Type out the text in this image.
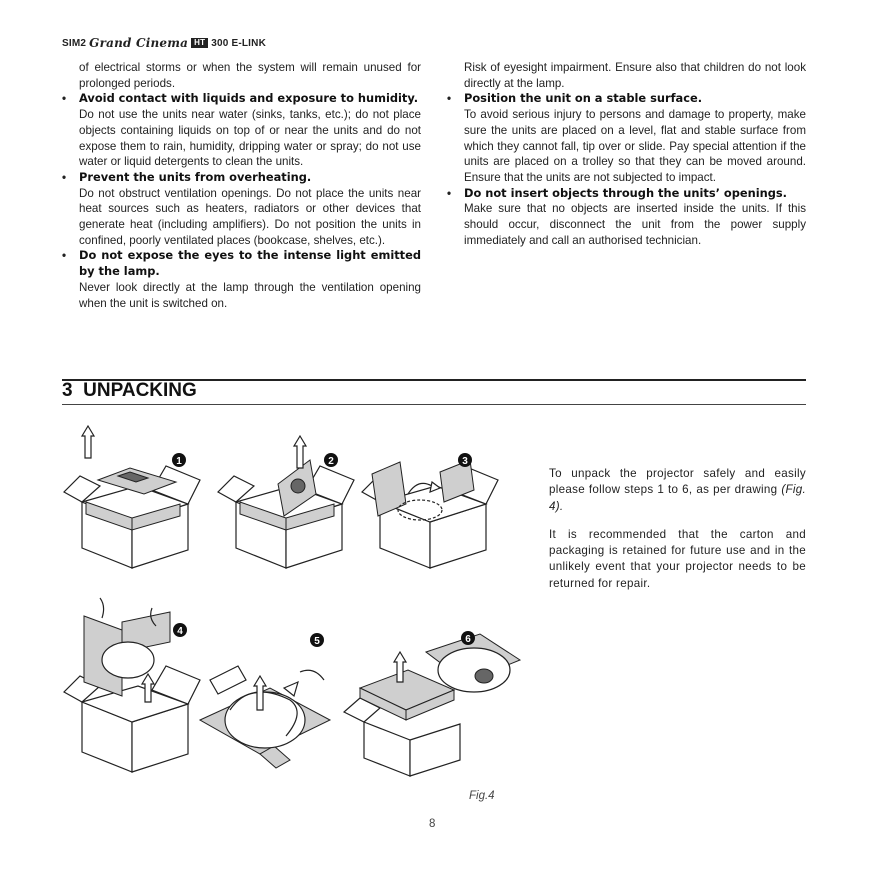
SIM2 Grand Cinema HT 300 E-LINK

of electrical storms or when the system will remain unused for prolonged periods.

• Avoid contact with liquids and exposure to humidity.

Do not use the units near water (sinks, tanks, etc.); do not place objects containing liquids on top of or near the units and do not expose them to rain, humidity, dripping water or spray; do not use water or liquid detergents to clean the units.

• Prevent the units from overheating.

Do not obstruct ventilation openings. Do not place the units near heat sources such as heaters, radiators or other devices that generate heat (including amplifiers). Do not position the units in confined, poorly ventilated places (bookcase, shelves, etc.).

• Do not expose the eyes to the intense light emitted by the lamp.

Never look directly at the lamp through the ventilation opening when the unit is switched on.

Risk of eyesight impairment. Ensure also that children do not look directly at the lamp.

• Position the unit on a stable surface.

To avoid serious injury to persons and damage to property, make sure the units are placed on a level, flat and stable surface from which they cannot fall, tip over or slide. Pay special attention if the units are placed on a trolley so that they can be moved around. Ensure that the units are not subjected to impact.

• Do not insert objects through the units’ openings.

Make sure that no objects are inserted inside the units. If this should occur, disconnect the unit from the power supply immediately and call an authorised technician.

3 UNPACKING

To unpack the projector safely and easily please follow steps 1 to 6, as per drawing (Fig. 4).

It is recommended that the carton and packaging is retained for future use and in the unlikely event that your projector needs to be returned for repair.

1	2	3
4
5	6
Fig.4
8
